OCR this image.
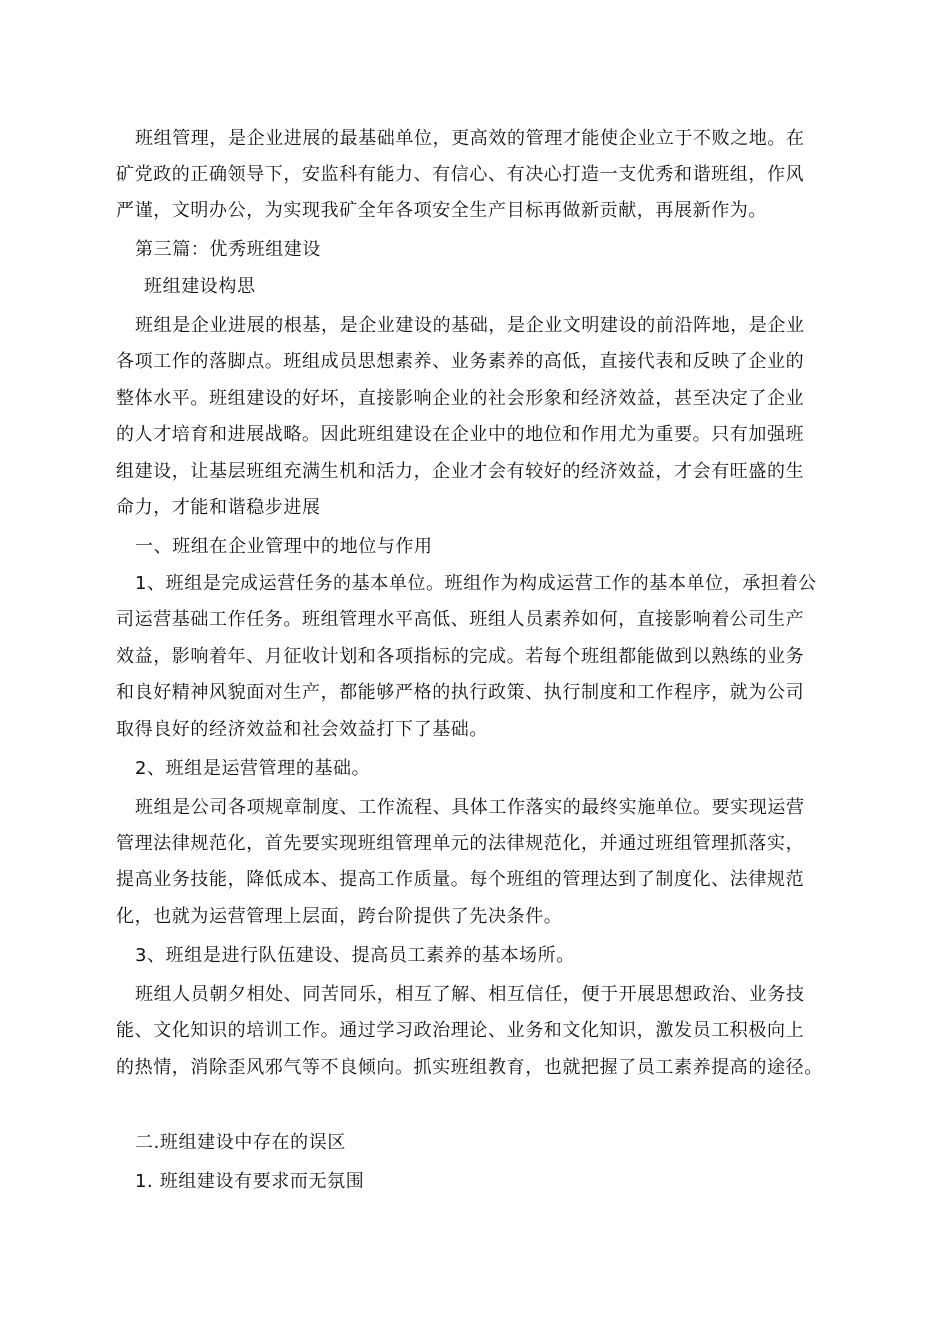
班组管理，是企业进展的最基础单位，更高效的管理才能使企业立于不败之地。在
矿党政的正确领导下，安监科有能力、有信心、有决心打造一支优秀和谐班组，作风
严谨，文明办公，为实现我矿全年各项安全生产目标再做新贡献，再展新作为。
第三篇：优秀班组建设
班组建设构思
班组是企业进展的根基，是企业建设的基础，是企业文明建设的前沿阵地，是企业
各项工作的落脚点。班组成员思想素养、业务素养的高低，直接代表和反映了企业的
整体水平。班组建设的好坏，直接影响企业的社会形象和经济效益，甚至决定了企业
的人才培育和进展战略。因此班组建设在企业中的地位和作用尤为重要。只有加强班
组建设，让基层班组充满生机和活力，企业才会有较好的经济效益，才会有旺盛的生
命力，才能和谐稳步进展
一、班组在企业管理中的地位与作用
1、班组是完成运营任务的基本单位。班组作为构成运营工作的基本单位，承担着公
司运营基础工作任务。班组管理水平高低、班组人员素养如何，直接影响着公司生产
效益，影响着年、月征收计划和各项指标的完成。若每个班组都能做到以熟练的业务
和良好精神风貌面对生产，都能够严格的执行政策、执行制度和工作程序，就为公司
取得良好的经济效益和社会效益打下了基础。
2、班组是运营管理的基础。
班组是公司各项规章制度、工作流程、具体工作落实的最终实施单位。要实现运营
管理法律规范化，首先要实现班组管理单元的法律规范化，并通过班组管理抓落实，
提高业务技能，降低成本、提高工作质量。每个班组的管理达到了制度化、法律规范
化，也就为运营管理上层面，跨台阶提供了先决条件。
3、班组是进行队伍建设、提高员工素养的基本场所。
班组人员朝夕相处、同苦同乐，相互了解、相互信任，便于开展思想政治、业务技
能、文化知识的培训工作。通过学习政治理论、业务和文化知识，激发员工积极向上
的热情，消除歪风邪气等不良倾向。抓实班组教育，也就把握了员工素养提高的途径。
二.班组建设中存在的误区
1. 班组建设有要求而无氛围
